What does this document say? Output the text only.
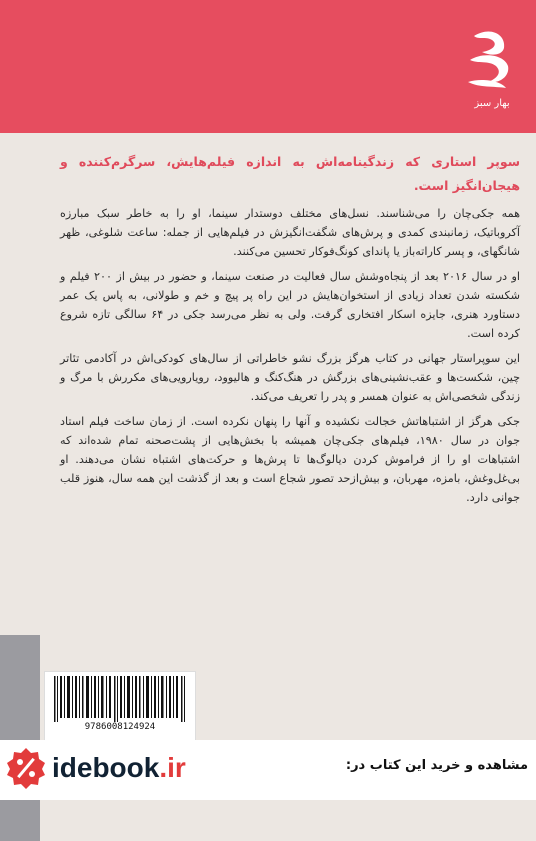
بهار سبز

سوپر استاری که زندگینامه‌اش به اندازه فیلم‌هایش، سرگرم‌کننده و هیجان‌انگیز است.

همه جکی‌چان را می‌شناسند. نسل‌های مختلف دوستدار سینما، او را به خاطر سبک مبارزه آکروباتیک، زمانبندی کمدی و پرش‌های شگفت‌انگیزش در فیلم‌هایی از جمله: ساعت شلوغی، ظهر شانگهای، و پسر کاراته‌باز یا پاندای کونگ‌فوکار تحسین می‌کنند.

او در سال ۲۰۱۶ بعد از پنجاه‌وشش سال فعالیت در صنعت سینما، و حضور در بیش از ۲۰۰ فیلم و شکسته شدن تعداد زیادی از استخوان‌هایش در این راه پر پیچ و خم و طولانی، به پاس یک عمر دستاورد هنری، جایزه اسکار افتخاری گرفت. ولی به نظر می‌رسد جکی در ۶۴ سالگی تازه شروع کرده است.

این سوپراستار جهانی در کتاب هرگز بزرگ نشو خاطراتی از سال‌های کودکی‌اش در آکادمی تئاتر چین، شکست‌ها و عقب‌نشینی‌های بزرگش در هنگ‌کنگ و هالیوود، رویارویی‌های مکررش با مرگ و زندگی شخصی‌اش به عنوان همسر و پدر را تعریف می‌کند.

جکی هرگز از اشتباهاتش خجالت نکشیده و آنها را پنهان نکرده است. از زمان ساخت فیلم استاد جوان در سال ۱۹۸۰، فیلم‌های جکی‌چان همیشه با بخش‌هایی از پشت‌صحنه تمام شده‌اند که اشتباهات او را از فراموش کردن دیالوگ‌ها تا پرش‌ها و حرکت‌های اشتباه نشان می‌دهند. او بی‌غل‌وغش، بامزه، مهربان، و بیش‌ازحد تصور شجاع است و بعد از گذشت این همه سال، هنوز قلب جوانی دارد.

9786008124924
idebook.ir	مشاهده و خرید این کتاب در:
